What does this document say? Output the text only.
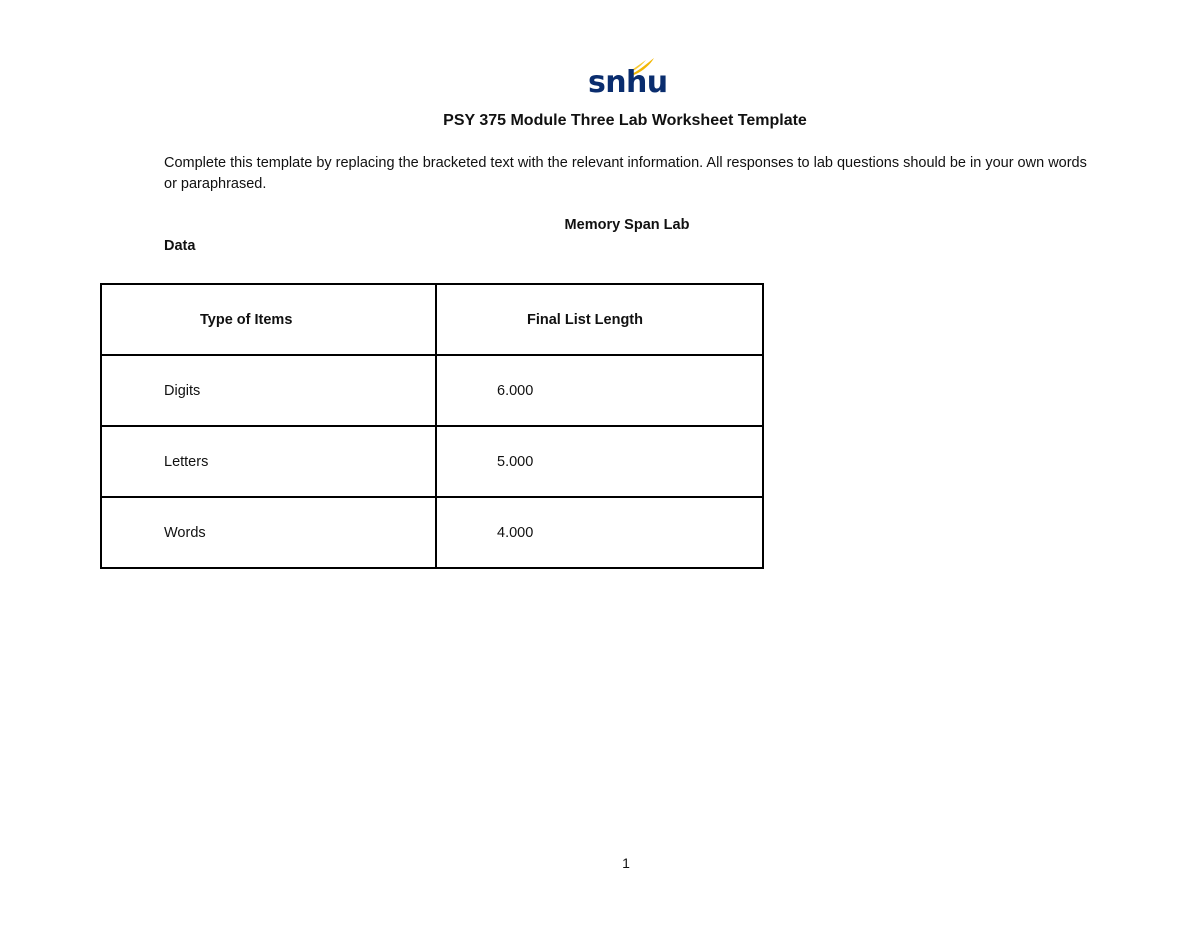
snhu
PSY 375 Module Three Lab Worksheet Template
Complete this template by replacing the bracketed text with the relevant information. All responses to lab questions should be in your own words or paraphrased.
Memory Span Lab
Data
Type of Items	Final List Length
Digits	6.000
Letters	5.000
Words	4.000
1
